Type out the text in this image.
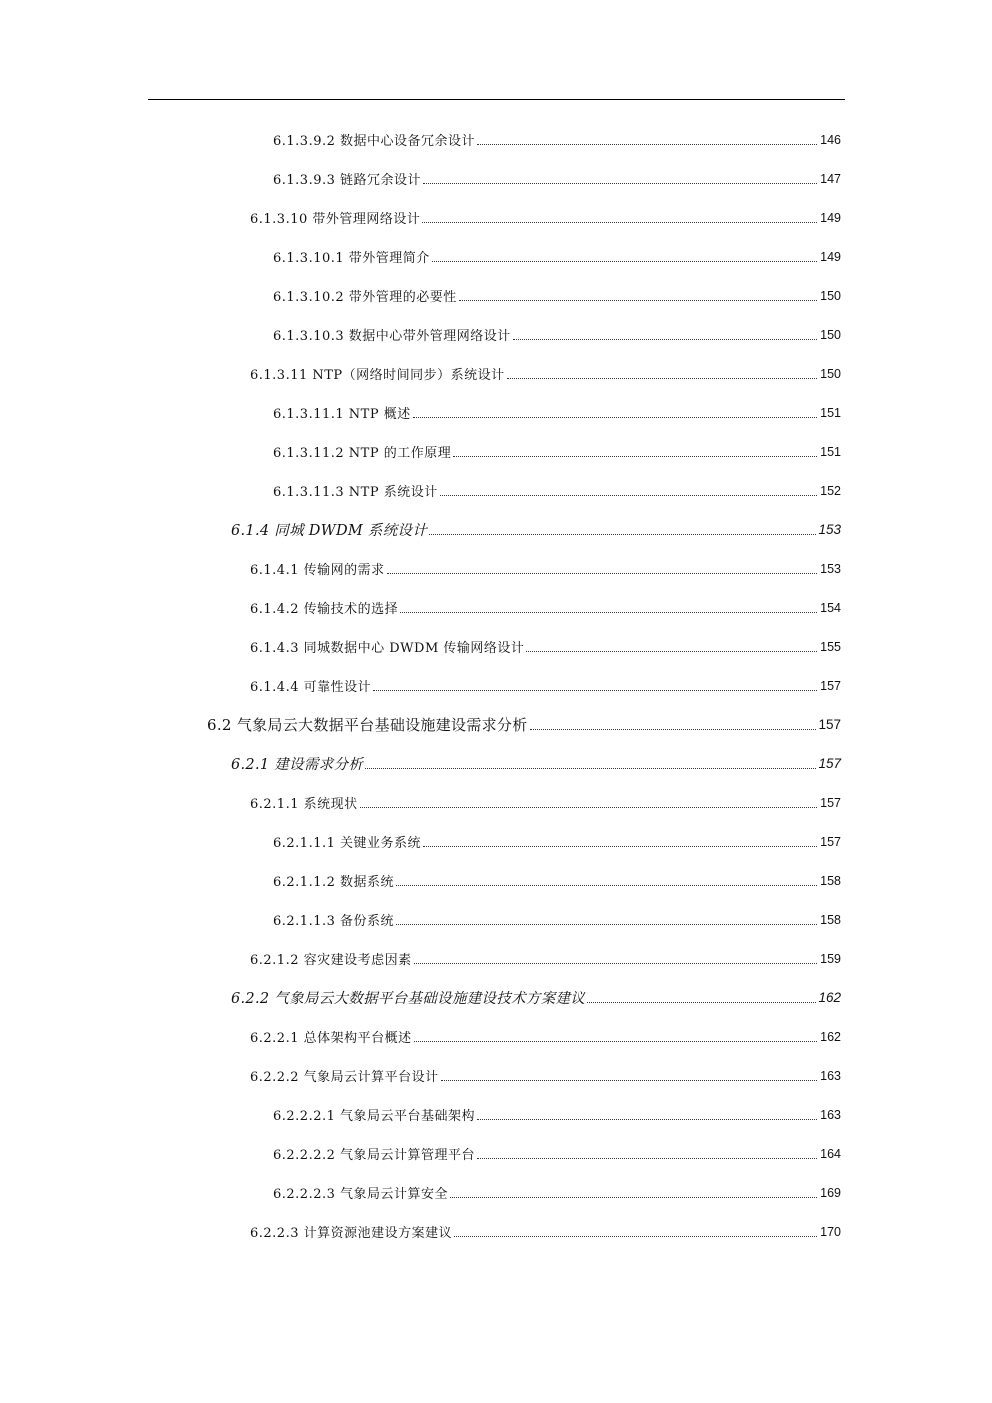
6.1.3.9.2 数据中心设备冗余设计	146
6.1.3.9.3 链路冗余设计	147
6.1.3.10 带外管理网络设计	149
6.1.3.10.1 带外管理简介	149
6.1.3.10.2 带外管理的必要性	150
6.1.3.10.3 数据中心带外管理网络设计	150
6.1.3.11 NTP（网络时间同步）系统设计	150
6.1.3.11.1 NTP 概述	151
6.1.3.11.2 NTP 的工作原理	151
6.1.3.11.3 NTP 系统设计	152
6.1.4 同城 DWDM 系统设计	153
6.1.4.1 传输网的需求	153
6.1.4.2 传输技术的选择	154
6.1.4.3 同城数据中心 DWDM 传输网络设计	155
6.1.4.4 可靠性设计	157
6.2 气象局云大数据平台基础设施建设需求分析	157
6.2.1 建设需求分析	157
6.2.1.1 系统现状	157
6.2.1.1.1 关键业务系统	157
6.2.1.1.2 数据系统	158
6.2.1.1.3 备份系统	158
6.2.1.2 容灾建设考虑因素	159
6.2.2 气象局云大数据平台基础设施建设技术方案建议	162
6.2.2.1 总体架构平台概述	162
6.2.2.2 气象局云计算平台设计	163
6.2.2.2.1 气象局云平台基础架构	163
6.2.2.2.2 气象局云计算管理平台	164
6.2.2.2.3 气象局云计算安全	169
6.2.2.3 计算资源池建设方案建议	170
